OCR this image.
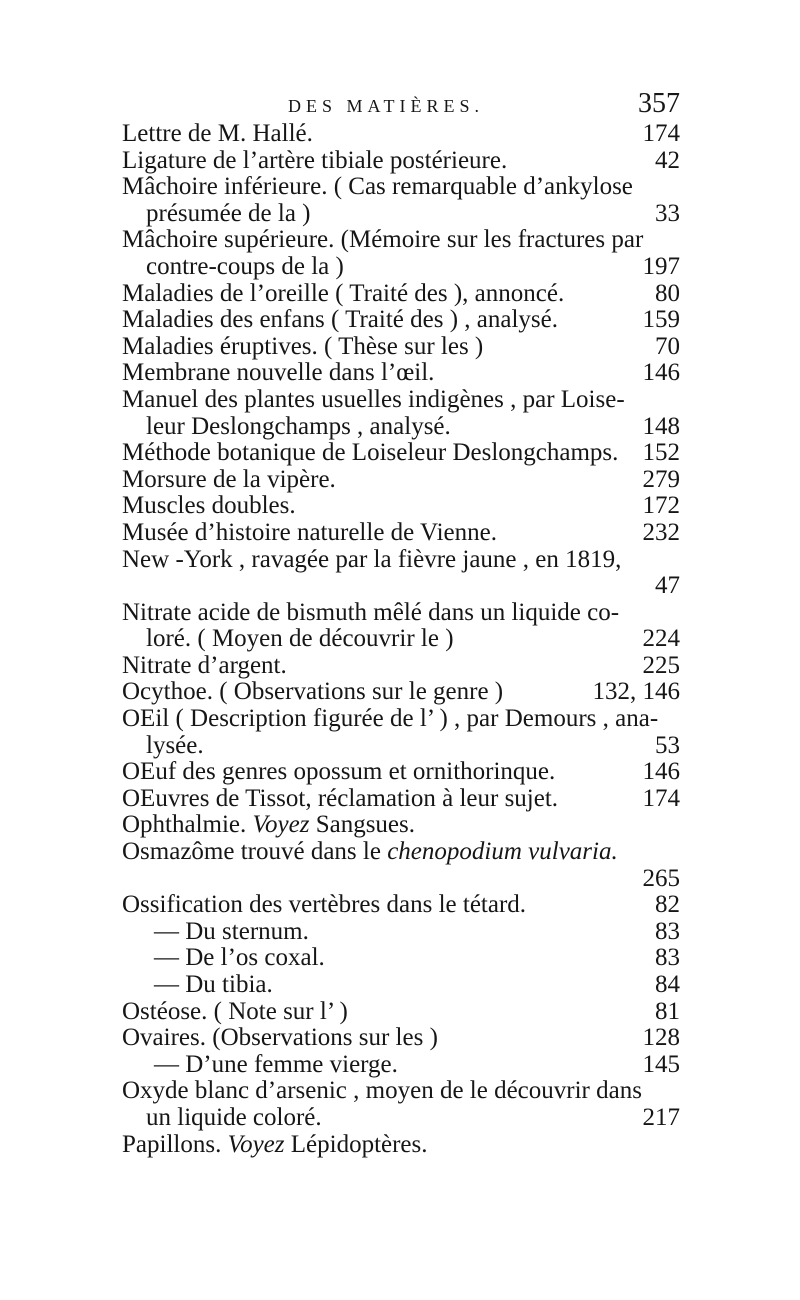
DES MATIÈRES.	357
Lettre de M. Hallé.	174
Ligature de l’artère tibiale postérieure.	42
Mâchoire inférieure. ( Cas remarquable d’ankylose
présumée de la )	33
Mâchoire supérieure. (Mémoire sur les fractures par
contre-coups de la )	197
Maladies de l’oreille ( Traité des ), annoncé.	80
Maladies des enfans ( Traité des ) , analysé.	159
Maladies éruptives. ( Thèse sur les )	70
Membrane nouvelle dans l’œil.	146
Manuel des plantes usuelles indigènes , par Loise-
leur Deslongchamps , analysé.	148
Méthode botanique de Loiseleur Deslongchamps. 152
Morsure de la vipère.	279
Muscles doubles.	172
Musée d’histoire naturelle de Vienne.	232
New -York , ravagée par la fièvre jaune , en 1819,
47
Nitrate acide de bismuth mêlé dans un liquide co-
loré. ( Moyen de découvrir le )	224
Nitrate d’argent.	225
Ocythoe. ( Observations sur le genre )	132, 146
OEil ( Description figurée de l’ ) , par Demours , ana-
lysée.	53
OEuf des genres opossum et ornithorinque.	146
OEuvres de Tissot, réclamation à leur sujet.	174
Ophthalmie. Voyez Sangsues.
Osmazôme trouvé dans le chenopodium vulvaria.
265
Ossification des vertèbres dans le tétard.	82
— Du sternum.	83
— De l’os coxal.	83
— Du tibia.	84
Ostéose. ( Note sur l’ )	81
Ovaires. (Observations sur les )	128
— D’une femme vierge.	145
Oxyde blanc d’arsenic , moyen de le découvrir dans
un liquide coloré.	217
Papillons. Voyez Lépidoptères.
